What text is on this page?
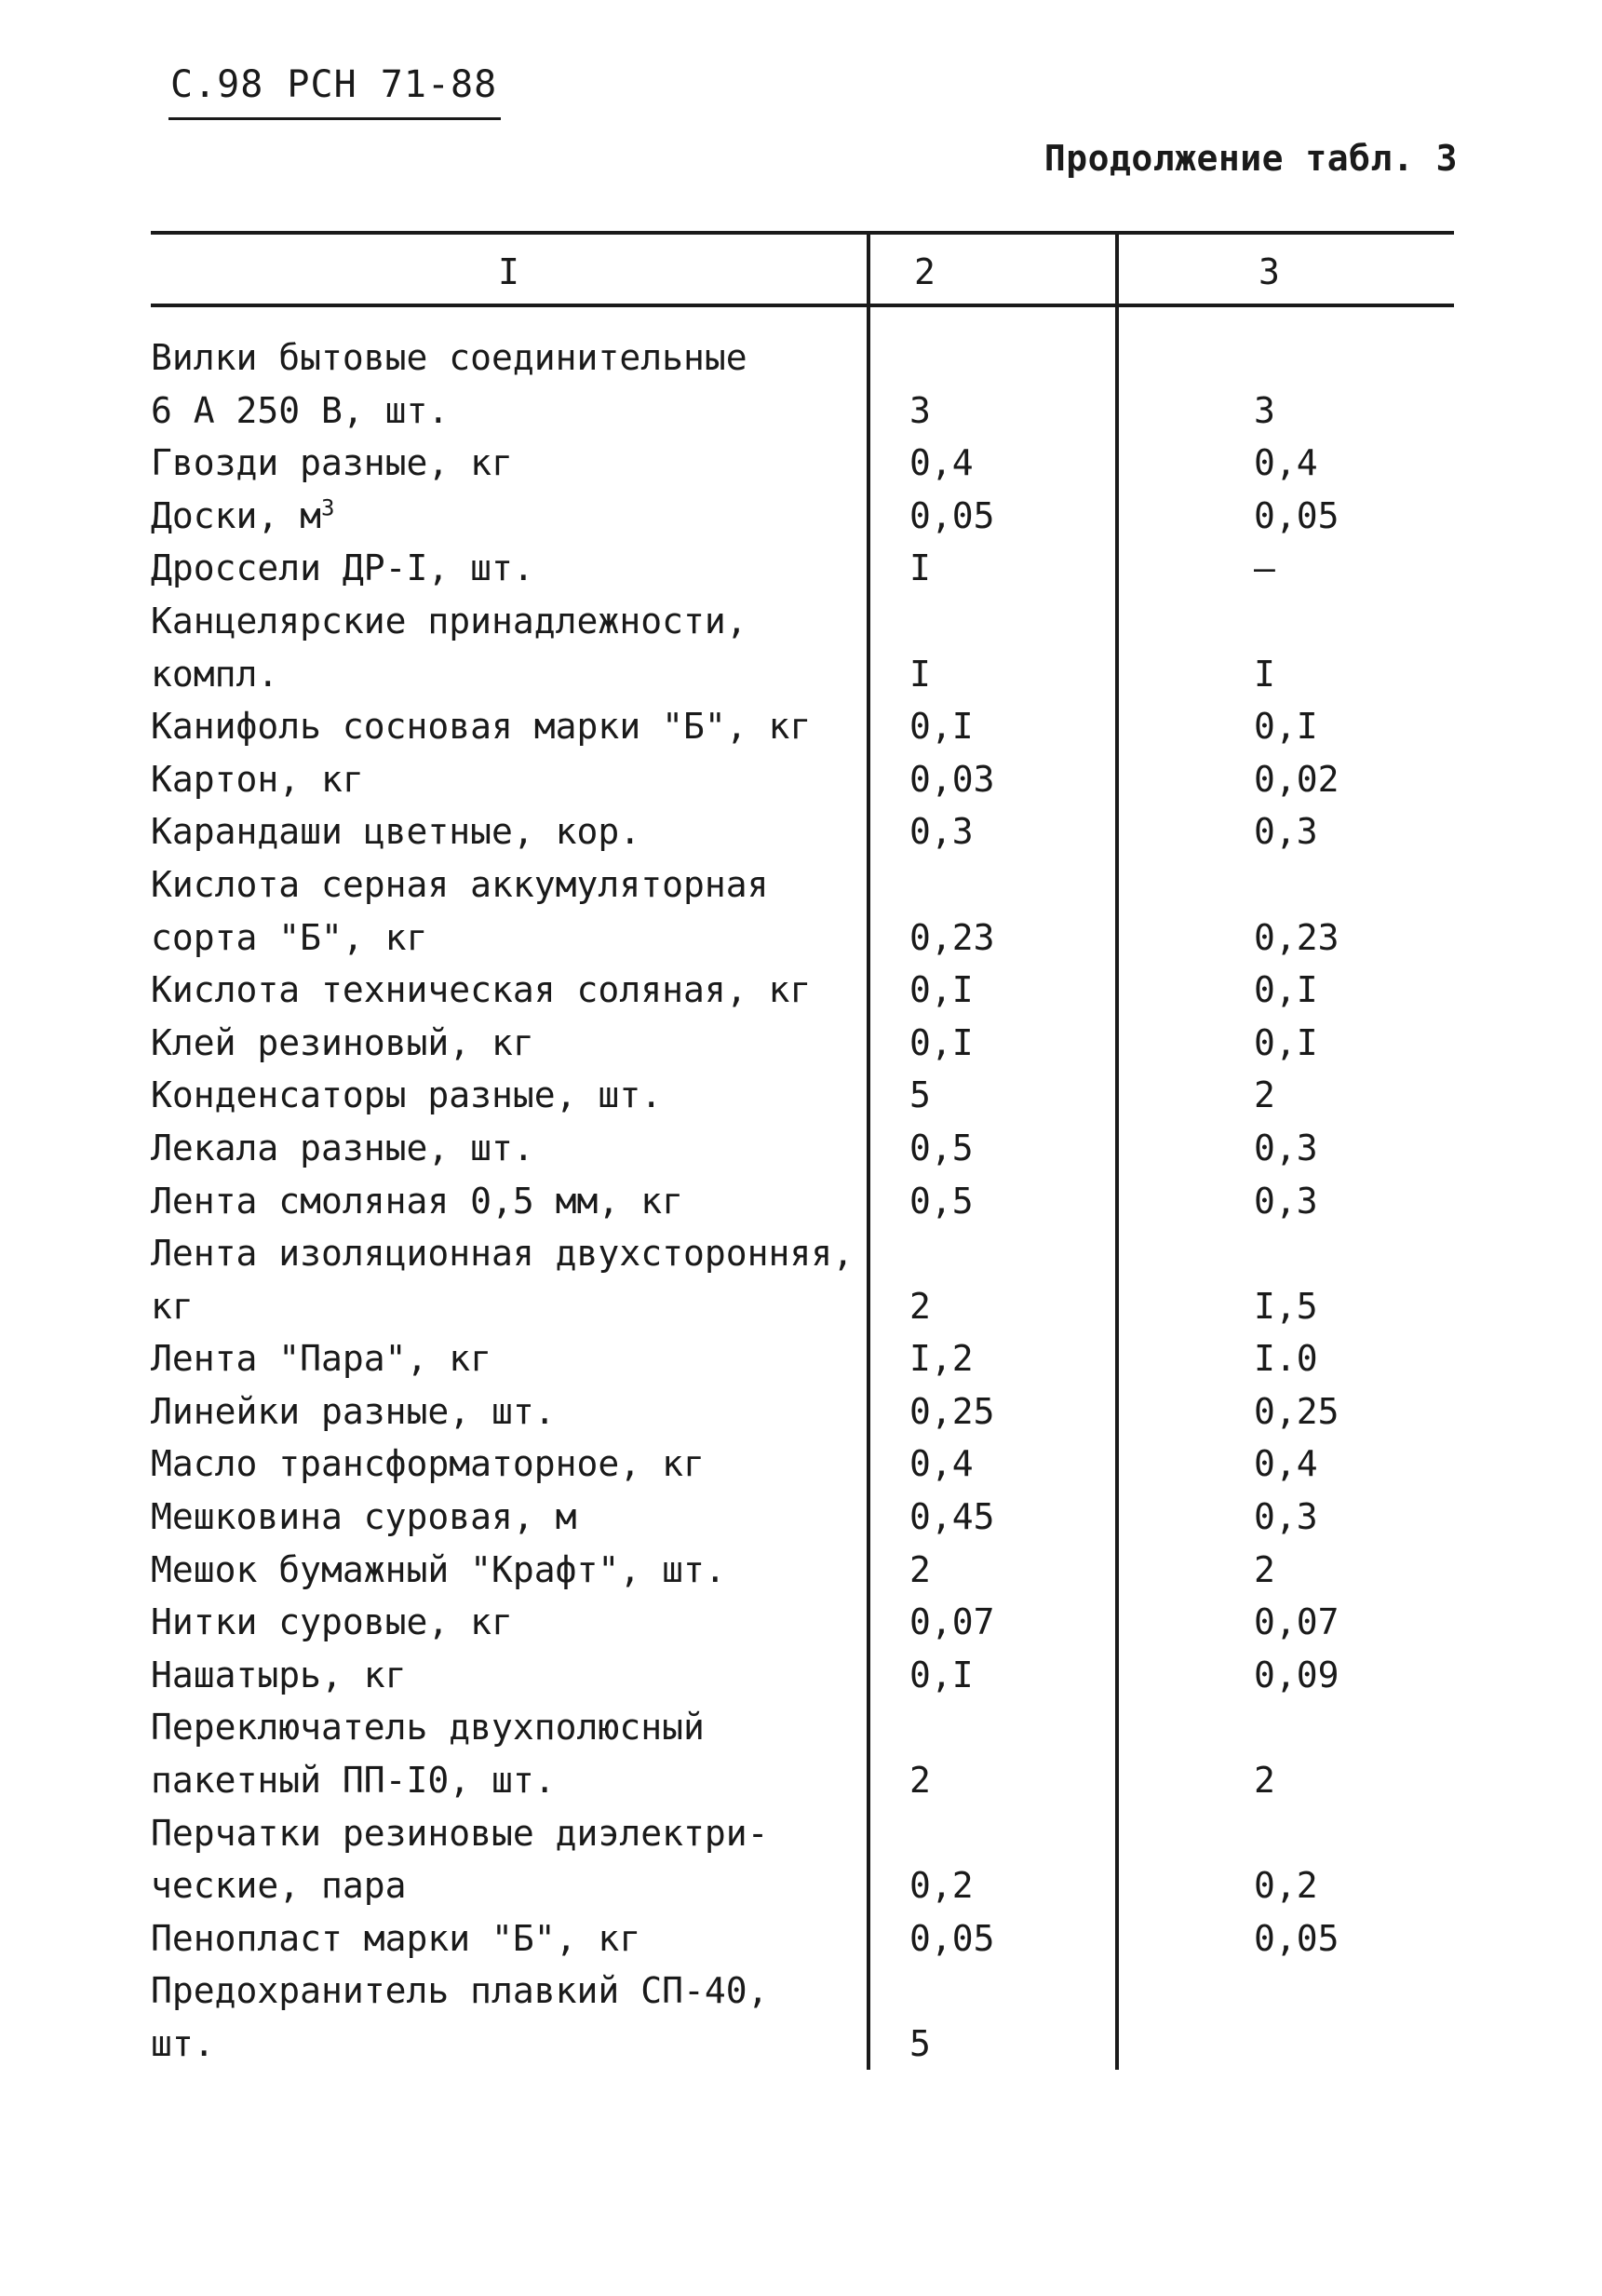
С.98 РСН 71-88
Продолжение табл. 3
I	2	3
Вилки бытовые соединительные
6 А 250 В, шт.	3	3
Гвозди разные, кг	0,4	0,4
Доски, $м^3$	0,05	0,05
Дроссели ДР-I, шт.	I	–
Канцелярские принадлежности,
компл.	I	I
Канифоль сосновая марки "Б", кг	0,I	0,I
Картон, кг	0,03	0,02
Карандаши цветные, кор.	0,3	0,3
Кислота серная аккумуляторная
сорта "Б", кг	0,23	0,23
Кислота техническая соляная, кг	0,I	0,I
Клей резиновый, кг	0,I	0,I
Конденсаторы разные, шт.	5	2
Лекала разные, шт.	0,5	0,3
Лента смоляная 0,5 мм, кг	0,5	0,3
Лента изоляционная двухсторонняя,
кг	2	I,5
Лента "Пара", кг	I,2	I.0
Линейки разные, шт.	0,25	0,25
Масло трансформаторное, кг	0,4	0,4
Мешковина суровая, м	0,45	0,3
Мешок бумажный "Крафт", шт.	2	2
Нитки суровые, кг	0,07	0,07
Нашатырь, кг	0,I	0,09
Переключатель двухполюсный
пакетный ПП-I0, шт.	2	2
Перчатки резиновые диэлектри-
ческие, пара	0,2	0,2
Пенопласт марки "Б", кг	0,05	0,05
Предохранитель плавкий СП-40,
шт.	5
